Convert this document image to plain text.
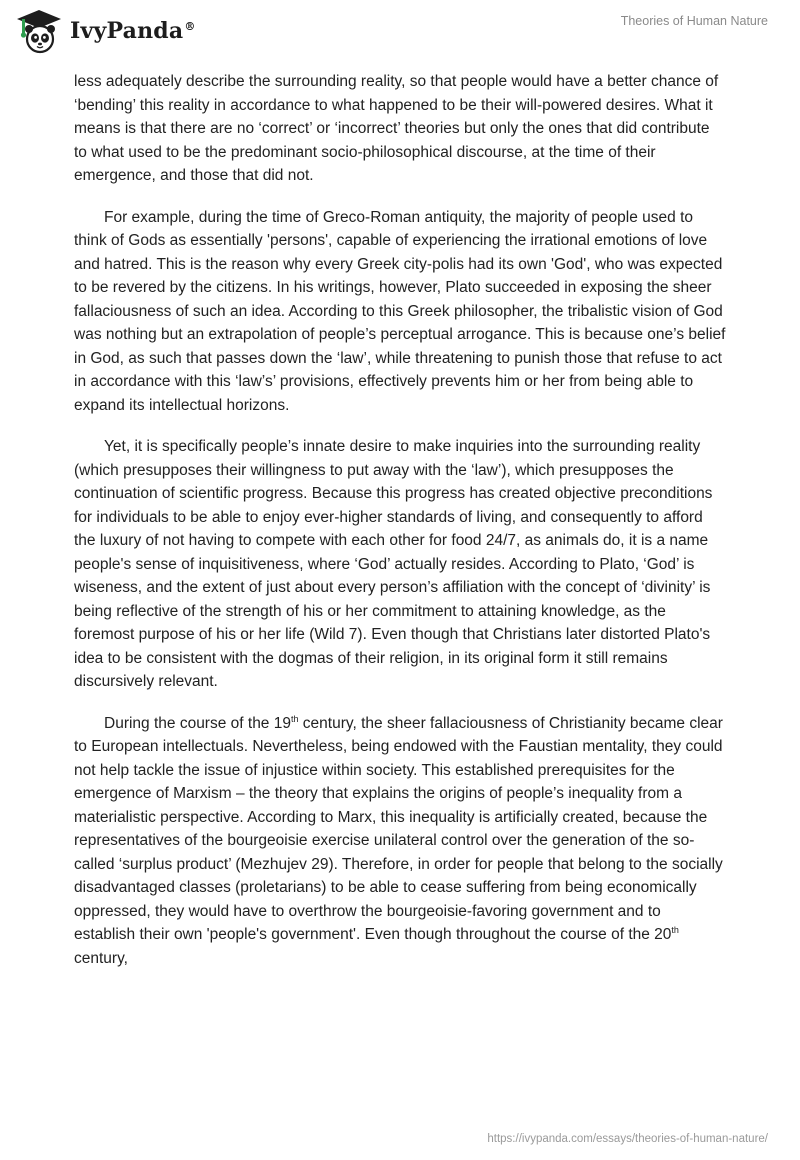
IvyPanda®	Theories of Human Nature

less adequately describe the surrounding reality, so that people would have a better chance of ‘bending’ this reality in accordance to what happened to be their will-powered desires. What it means is that there are no ‘correct’ or ‘incorrect’ theories but only the ones that did contribute to what used to be the predominant socio-philosophical discourse, at the time of their emergence, and those that did not.

For example, during the time of Greco-Roman antiquity, the majority of people used to think of Gods as essentially 'persons', capable of experiencing the irrational emotions of love and hatred. This is the reason why every Greek city-polis had its own 'God', who was expected to be revered by the citizens. In his writings, however, Plato succeeded in exposing the sheer fallaciousness of such an idea. According to this Greek philosopher, the tribalistic vision of God was nothing but an extrapolation of people’s perceptual arrogance. This is because one’s belief in God, as such that passes down the ‘law’, while threatening to punish those that refuse to act in accordance with this ‘law’s’ provisions, effectively prevents him or her from being able to expand its intellectual horizons.

Yet, it is specifically people’s innate desire to make inquiries into the surrounding reality (which presupposes their willingness to put away with the ‘law’), which presupposes the continuation of scientific progress. Because this progress has created objective preconditions for individuals to be able to enjoy ever-higher standards of living, and consequently to afford the luxury of not having to compete with each other for food 24/7, as animals do, it is a name people's sense of inquisitiveness, where ‘God’ actually resides. According to Plato, ‘God’ is wiseness, and the extent of just about every person’s affiliation with the concept of ‘divinity’ is being reflective of the strength of his or her commitment to attaining knowledge, as the foremost purpose of his or her life (Wild 7). Even though that Christians later distorted Plato's idea to be consistent with the dogmas of their religion, in its original form it still remains discursively relevant.

During the course of the 19th century, the sheer fallaciousness of Christianity became clear to European intellectuals. Nevertheless, being endowed with the Faustian mentality, they could not help tackle the issue of injustice within society. This established prerequisites for the emergence of Marxism – the theory that explains the origins of people’s inequality from a materialistic perspective. According to Marx, this inequality is artificially created, because the representatives of the bourgeoisie exercise unilateral control over the generation of the so-called ‘surplus product’ (Mezhujev 29). Therefore, in order for people that belong to the socially disadvantaged classes (proletarians) to be able to cease suffering from being economically oppressed, they would have to overthrow the bourgeoisie-favoring government and to establish their own 'people's government'. Even though throughout the course of the 20th century,

https://ivypanda.com/essays/theories-of-human-nature/
